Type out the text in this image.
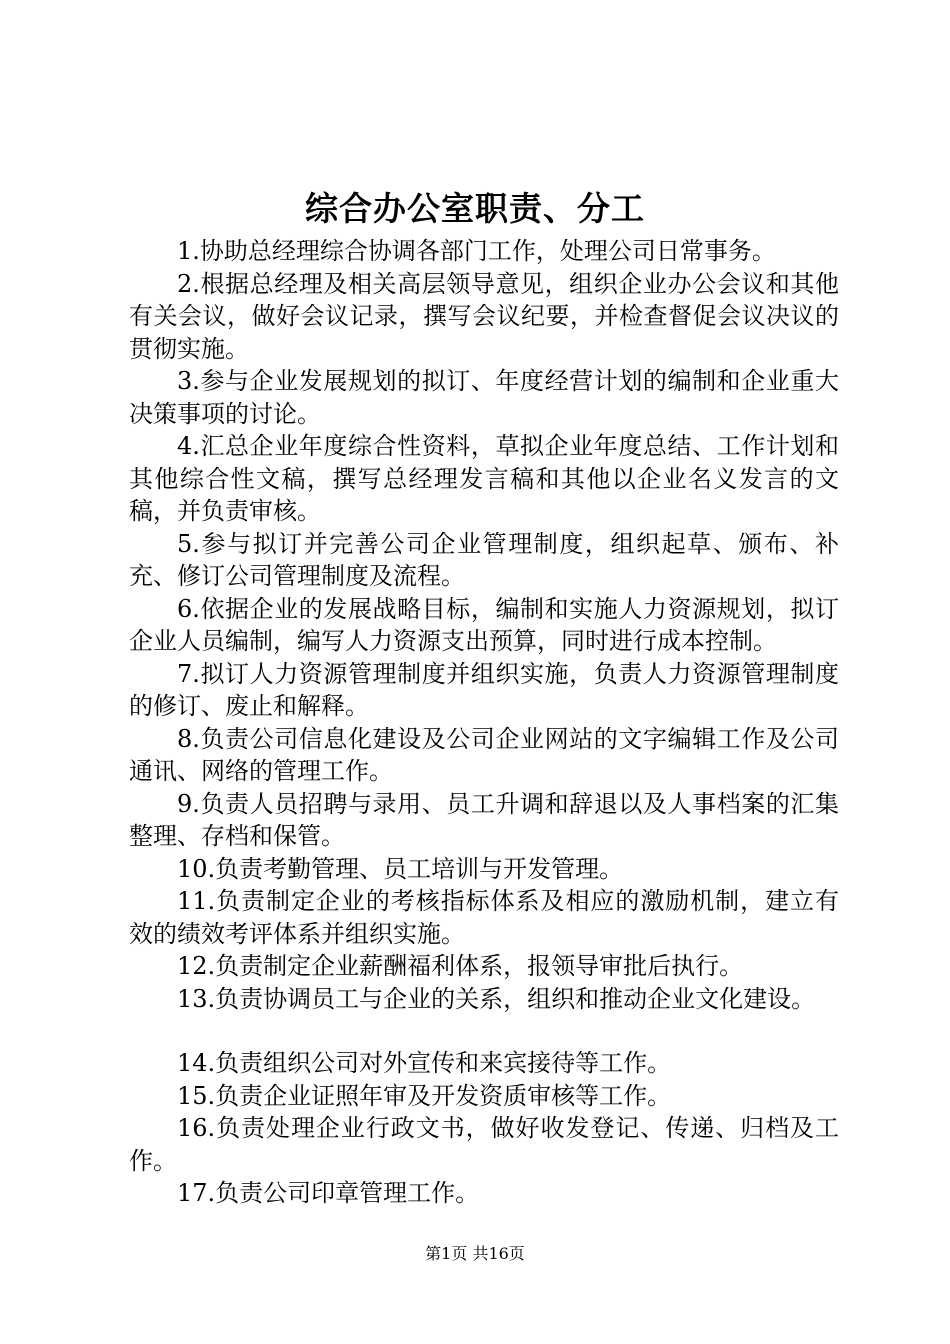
综合办公室职责、分工

1.协助总经理综合协调各部门工作，处理公司日常事务。

2.根据总经理及相关高层领导意见，组织企业办公会议和其他有关会议，做好会议记录，撰写会议纪要，并检查督促会议决议的贯彻实施。

3.参与企业发展规划的拟订、年度经营计划的编制和企业重大决策事项的讨论。

4.汇总企业年度综合性资料，草拟企业年度总结、工作计划和其他综合性文稿，撰写总经理发言稿和其他以企业名义发言的文稿，并负责审核。

5.参与拟订并完善公司企业管理制度，组织起草、颁布、补充、修订公司管理制度及流程。

6.依据企业的发展战略目标，编制和实施人力资源规划，拟订企业人员编制，编写人力资源支出预算，同时进行成本控制。

7.拟订人力资源管理制度并组织实施，负责人力资源管理制度的修订、废止和解释。

8.负责公司信息化建设及公司企业网站的文字编辑工作及公司通讯、网络的管理工作。

9.负责人员招聘与录用、员工升调和辞退以及人事档案的汇集整理、存档和保管。

10.负责考勤管理、员工培训与开发管理。

11.负责制定企业的考核指标体系及相应的激励机制，建立有效的绩效考评体系并组织实施。

12.负责制定企业薪酬福利体系，报领导审批后执行。

13.负责协调员工与企业的关系，组织和推动企业文化建设。

14.负责组织公司对外宣传和来宾接待等工作。

15.负责企业证照年审及开发资质审核等工作。

16.负责处理企业行政文书，做好收发登记、传递、归档及工作。

17.负责公司印章管理工作。

第1页 共16页
